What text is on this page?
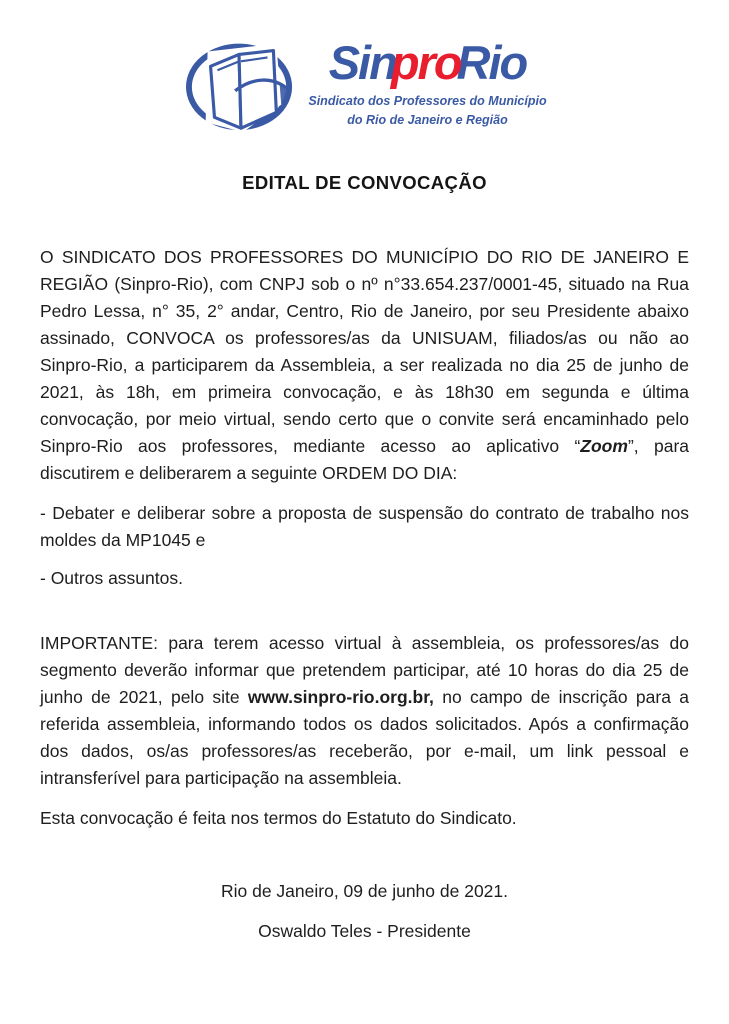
SinproRio
Sindicato dos Professores do Município
do Rio de Janeiro e Região
EDITAL DE CONVOCAÇÃO

O SINDICATO DOS PROFESSORES DO MUNICÍPIO DO RIO DE JANEIRO E REGIÃO (Sinpro-Rio), com CNPJ sob o nº n°33.654.237/0001-45, situado na Rua Pedro Lessa, n° 35, 2° andar, Centro, Rio de Janeiro, por seu Presidente abaixo assinado, CONVOCA os professores/as da UNISUAM, filiados/as ou não ao Sinpro-Rio, a participarem da Assembleia, a ser realizada no dia 25 de junho de 2021, às 18h, em primeira convocação, e às 18h30 em segunda e última convocação, por meio virtual, sendo certo que o convite será encaminhado pelo Sinpro-Rio aos professores, mediante acesso ao aplicativo “Zoom”, para discutirem e deliberarem a seguinte ORDEM DO DIA:

- Debater e deliberar sobre a proposta de suspensão do contrato de trabalho nos moldes da MP1045 e

- Outros assuntos.

IMPORTANTE: para terem acesso virtual à assembleia, os professores/as do segmento deverão informar que pretendem participar, até 10 horas do dia 25 de junho de 2021, pelo site www.sinpro-rio.org.br, no campo de inscrição para a referida assembleia, informando todos os dados solicitados. Após a confirmação dos dados, os/as professores/as receberão, por e-mail, um link pessoal e intransferível para participação na assembleia.

Esta convocação é feita nos termos do Estatuto do Sindicato.

Rio de Janeiro, 09 de junho de 2021.
Oswaldo Teles - Presidente
